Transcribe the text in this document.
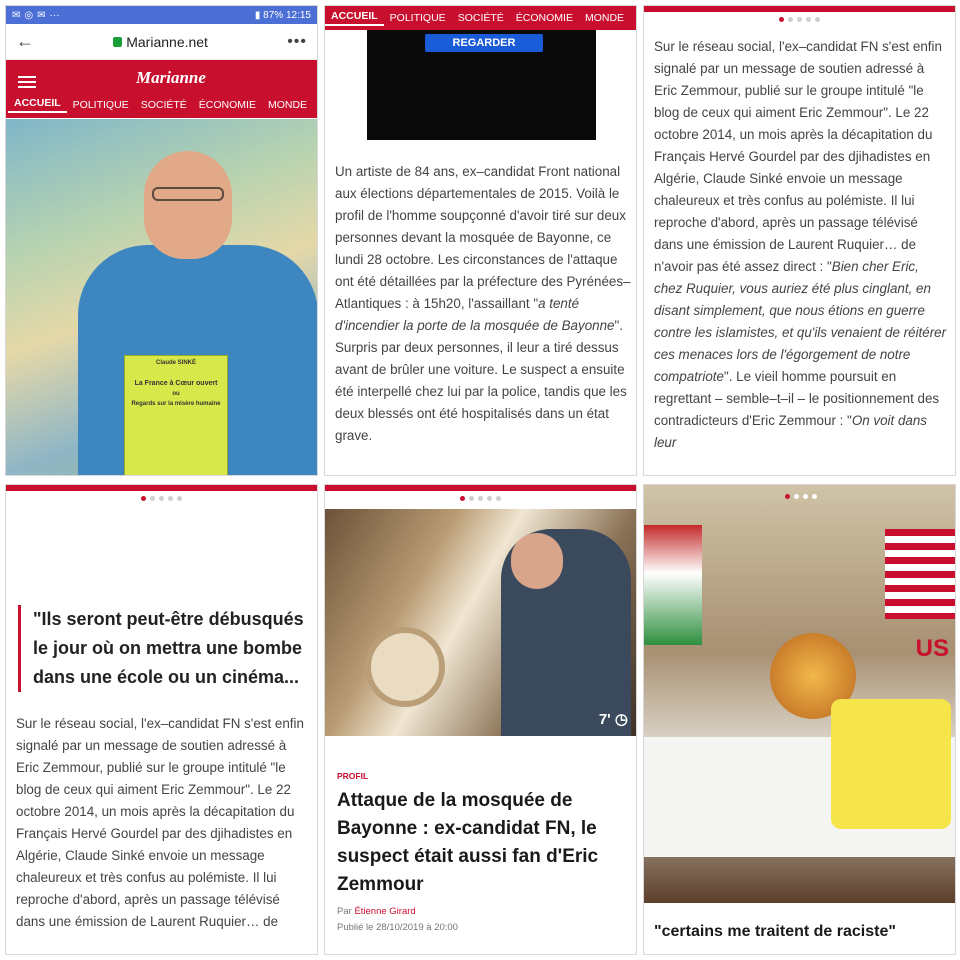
✉ ◎ ✉ ···	▮ 87% 12:15
←	Marianne.net	•••
Marianne
ACCUEIL	POLITIQUE	SOCIÉTÉ	ÉCONOMIE	MONDE
Claude SINKÉ
La France à Cœur ouvert
ou
Regards sur la misère humaine
ACCUEIL	POLITIQUE	SOCIÉTÉ	ÉCONOMIE	MONDE
REGARDER

Un artiste de 84 ans, ex–candidat Front national aux élections départementales de 2015. Voilà le profil de l'homme soupçonné d'avoir tiré sur deux personnes devant la mosquée de Bayonne, ce lundi 28 octobre. Les circonstances de l'attaque ont été détaillées par la préfecture des Pyrénées–Atlantiques : à 15h20, l'assaillant "a tenté d'incendier la porte de la mosquée de Bayonne". Surpris par deux personnes, il leur a tiré dessus avant de brûler une voiture. Le suspect a ensuite été interpellé chez lui par la police, tandis que les deux blessés ont été hospitalisés dans un état grave.

Sur le réseau social, l'ex–candidat FN s'est enfin signalé par un message de soutien adressé à Eric Zemmour, publié sur le groupe intitulé "le blog de ceux qui aiment Eric Zemmour". Le 22 octobre 2014, un mois après la décapitation du Français Hervé Gourdel par des djihadistes en Algérie, Claude Sinké envoie un message chaleureux et très confus au polémiste. Il lui reproche d'abord, après un passage télévisé dans une émission de Laurent Ruquier… de n'avoir pas été assez direct : "Bien cher Eric, chez Ruquier, vous auriez été plus cinglant, en disant simplement, que nous étions en guerre contre les islamistes, et qu'ils venaient de réitérer ces menaces lors de l'égorgement de notre compatriote". Le vieil homme poursuit en regrettant – semble–t–il – le positionnement des contradicteurs d'Eric Zemmour : "On voit dans leur

"Ils seront peut-être débusqués le jour où on mettra une bombe dans une école ou un cinéma...

Sur le réseau social, l'ex–candidat FN s'est enfin signalé par un message de soutien adressé à Eric Zemmour, publié sur le groupe intitulé "le blog de ceux qui aiment Eric Zemmour". Le 22 octobre 2014, un mois après la décapitation du Français Hervé Gourdel par des djihadistes en Algérie, Claude Sinké envoie un message chaleureux et très confus au polémiste. Il lui reproche d'abord, après un passage télévisé dans une émission de Laurent Ruquier… de

7' ◷
PROFIL
Attaque de la mosquée de Bayonne : ex-candidat FN, le suspect était aussi fan d'Eric Zemmour
Par Étienne Girard
Publié le 28/10/2019 à 20:00
US
"certains me traitent de raciste"
